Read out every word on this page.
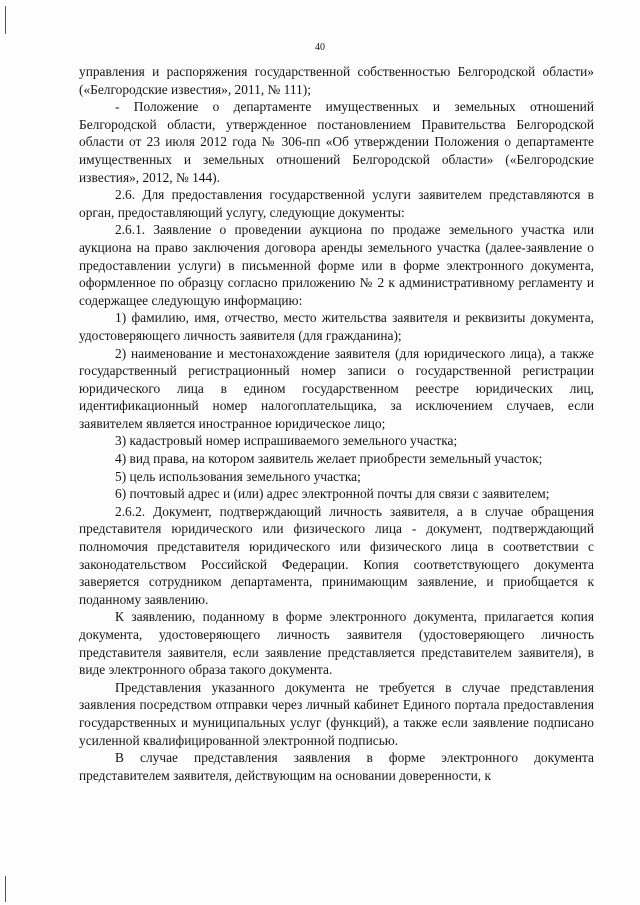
40

управления и распоряжения государственной собственностью Белгородской области» («Белгородские известия», 2011, № 111);

- Положение о департаменте имущественных и земельных отношений Белгородской области, утвержденное постановлением Правительства Белгородской области от 23 июля 2012 года № 306-пп «Об утверждении Положения о департаменте имущественных и земельных отношений Белгородской области» («Белгородские известия», 2012, № 144).

2.6. Для предоставления государственной услуги заявителем представляются в орган, предоставляющий услугу, следующие документы:

2.6.1. Заявление о проведении аукциона по продаже земельного участка или аукциона на право заключения договора аренды земельного участка (далее-заявление о предоставлении услуги) в письменной форме или в форме электронного документа, оформленное по образцу согласно приложению № 2 к административному регламенту и содержащее следующую информацию:

1) фамилию, имя, отчество, место жительства заявителя и реквизиты документа, удостоверяющего личность заявителя (для гражданина);

2) наименование и местонахождение заявителя (для юридического лица), а также государственный регистрационный номер записи о государственной регистрации юридического лица в едином государственном реестре юридических лиц, идентификационный номер налогоплательщика, за исключением случаев, если заявителем является иностранное юридическое лицо;

3) кадастровый номер испрашиваемого земельного участка;

4) вид права, на котором заявитель желает приобрести земельный участок;

5) цель использования земельного участка;

6) почтовый адрес и (или) адрес электронной почты для связи с заявителем;

2.6.2. Документ, подтверждающий личность заявителя, а в случае обращения представителя юридического или физического лица - документ, подтверждающий полномочия представителя юридического или физического лица в соответствии с законодательством Российской Федерации. Копия соответствующего документа заверяется сотрудником департамента, принимающим заявление, и приобщается к поданному заявлению.

К заявлению, поданному в форме электронного документа, прилагается копия документа, удостоверяющего личность заявителя (удостоверяющего личность представителя заявителя, если заявление представляется представителем заявителя), в виде электронного образа такого документа.

Представления указанного документа не требуется в случае представления заявления посредством отправки через личный кабинет Единого портала предоставления государственных и муниципальных услуг (функций), а также если заявление подписано усиленной квалифицированной электронной подписью.

В случае представления заявления в форме электронного документа представителем заявителя, действующим на основании доверенности, к
